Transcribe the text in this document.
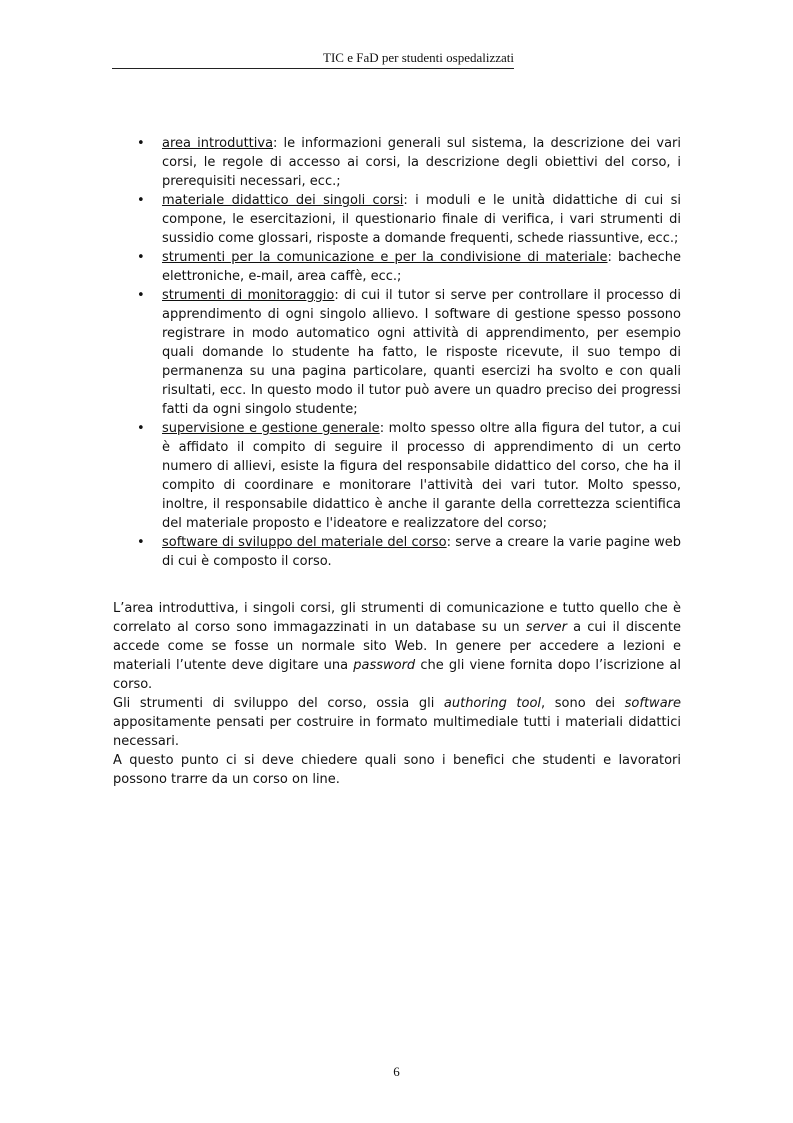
TIC e FaD per studenti ospedalizzati
• area introduttiva: le informazioni generali sul sistema, la descrizione dei vari corsi, le regole di accesso ai corsi, la descrizione degli obiettivi del corso, i prerequisiti necessari, ecc.;
• materiale didattico dei singoli corsi: i moduli e le unità didattiche di cui si compone, le esercitazioni, il questionario finale di verifica, i vari strumenti di sussidio come glossari, risposte a domande frequenti, schede riassuntive, ecc.;
• strumenti per la comunicazione e per la condivisione di materiale: bacheche elettroniche, e-mail, area caffè, ecc.;
• strumenti di monitoraggio: di cui il tutor si serve per controllare il processo di apprendimento di ogni singolo allievo. I software di gestione spesso possono registrare in modo automatico ogni attività di apprendimento, per esempio quali domande lo studente ha fatto, le risposte ricevute, il suo tempo di permanenza su una pagina particolare, quanti esercizi ha svolto e con quali risultati, ecc. In questo modo il tutor può avere un quadro preciso dei progressi fatti da ogni singolo studente;
• supervisione e gestione generale: molto spesso oltre alla figura del tutor, a cui è affidato il compito di seguire il processo di apprendimento di un certo numero di allievi, esiste la figura del responsabile didattico del corso, che ha il compito di coordinare e monitorare l'attività dei vari tutor. Molto spesso, inoltre, il responsabile didattico è anche il garante della correttezza scientifica del materiale proposto e l'ideatore e realizzatore del corso;
• software di sviluppo del materiale del corso: serve a creare la varie pagine web di cui è composto il corso.

L’area introduttiva, i singoli corsi, gli strumenti di comunicazione e tutto quello che è correlato al corso sono immagazzinati in un database su un server a cui il discente accede come se fosse un normale sito Web. In genere per accedere a lezioni e materiali l’utente deve digitare una password che gli viene fornita dopo l’iscrizione al corso.

Gli strumenti di sviluppo del corso, ossia gli authoring tool, sono dei software appositamente pensati per costruire in formato multimediale tutti i materiali didattici necessari.

A questo punto ci si deve chiedere quali sono i benefici che studenti e lavoratori possono trarre da un corso on line.

6
